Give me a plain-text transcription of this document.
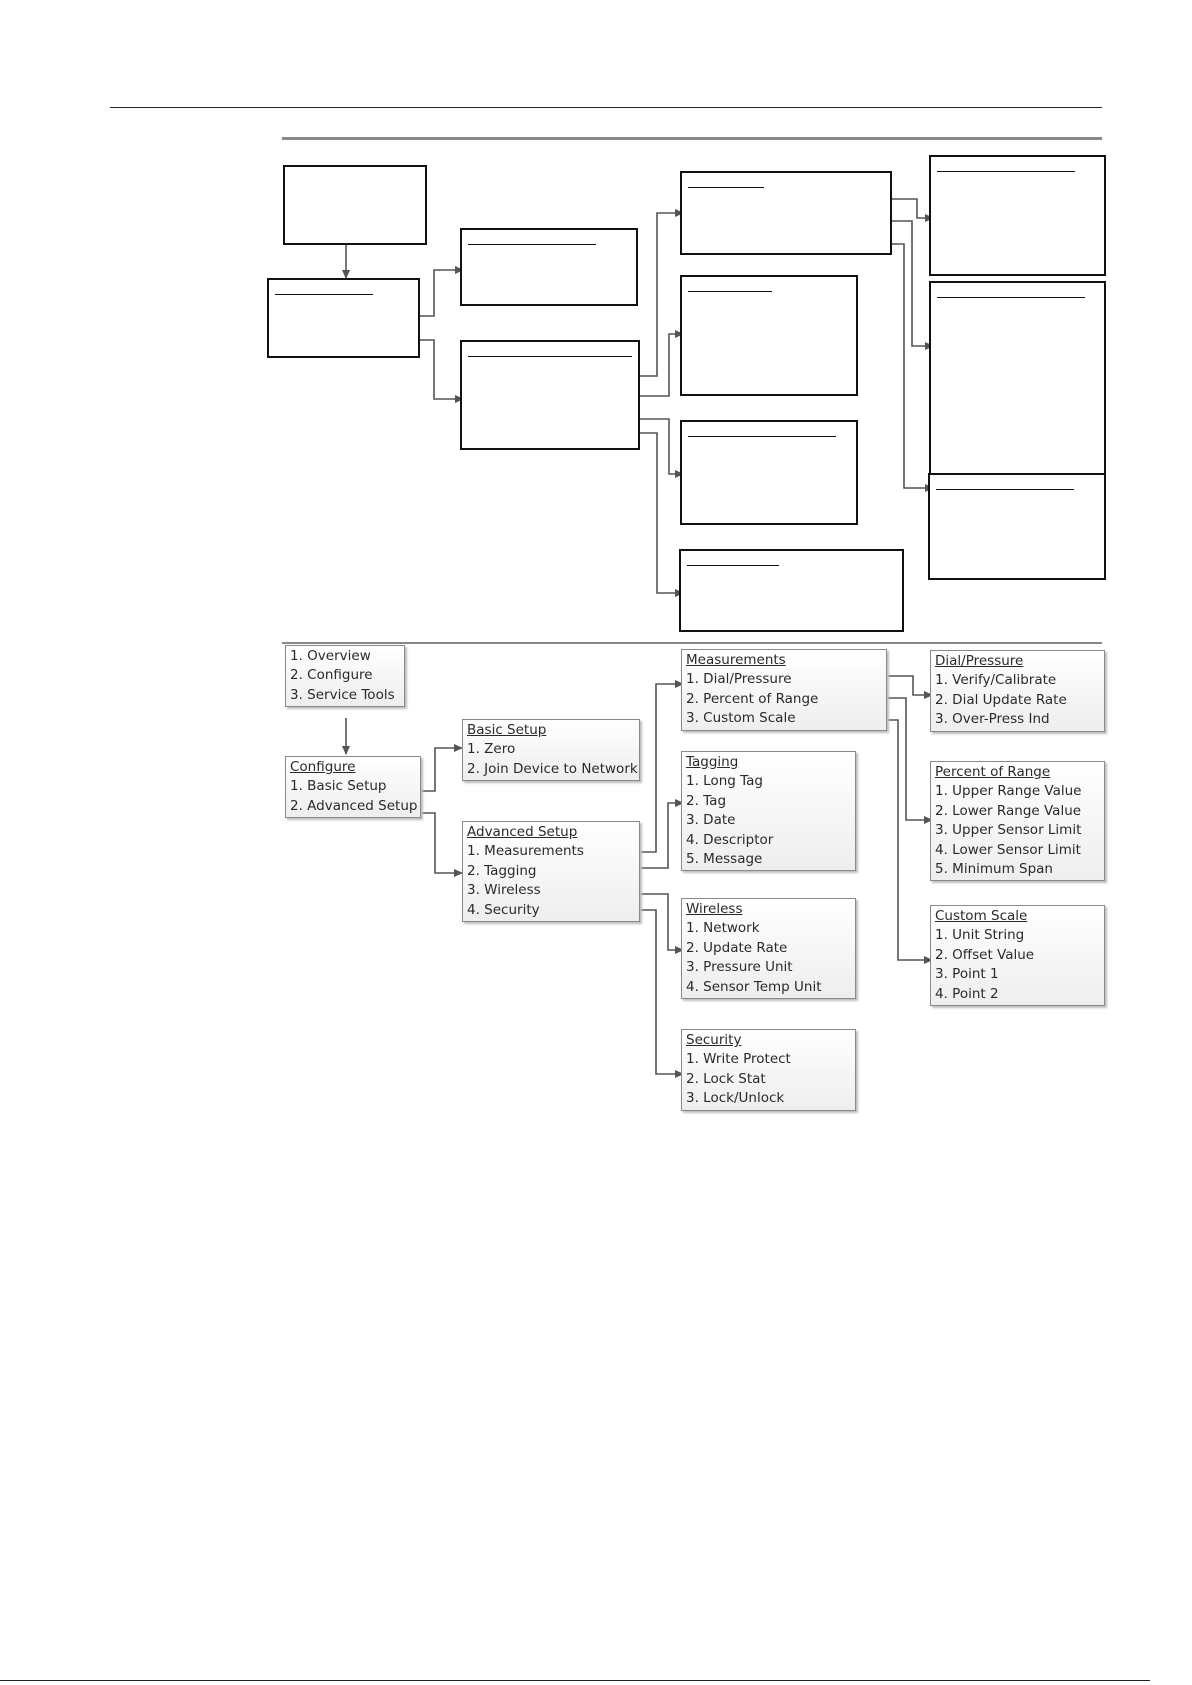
1. Overview
2. Configure
3. Service Tools
Configure
1. Basic Setup
2. Advanced Setup
Basic Setup
1. Zero
2. Join Device to Network
Advanced Setup
1. Measurements
2. Tagging
3. Wireless
4. Security
Measurements
1. Dial/Pressure
2. Percent of Range
3. Custom Scale
Tagging
1. Long Tag
2. Tag
3. Date
4. Descriptor
5. Message
Wireless
1. Network
2. Update Rate
3. Pressure Unit
4. Sensor Temp Unit
Security
1. Write Protect
2. Lock Stat
3. Lock/Unlock
Dial/Pressure
1. Verify/Calibrate
2. Dial Update Rate
3. Over-Press Ind
Percent of Range
1. Upper Range Value
2. Lower Range Value
3. Upper Sensor Limit
4. Lower Sensor Limit
5. Minimum Span
Custom Scale
1. Unit String
2. Offset Value
3. Point 1
4. Point 2
